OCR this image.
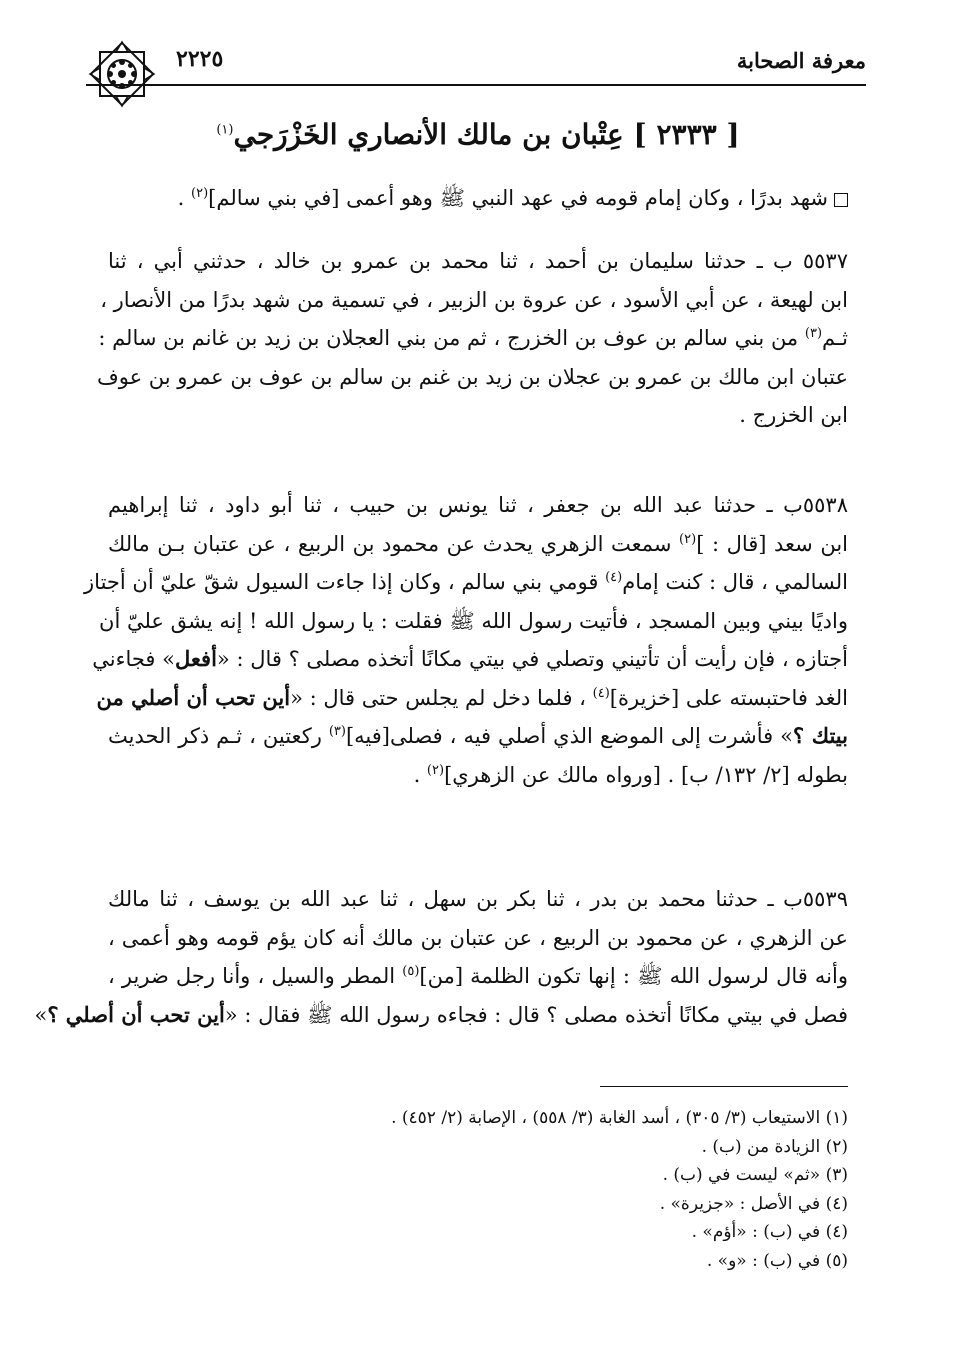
معرفة الصحابة
٢٢٢٥
[ ٢٣٣٣ ] عِتْبان بن مالك الأنصاري الخَزْرَجي$^{(١)}$
شهد بدرًا ، وكان إمام قومه في عهد النبي ﷺ وهو أعمى [في بني سالم]$^{(٢)}$ .
٥٥٣٧ ب ـ حدثنا سليمان بن أحمد ، ثنا محمد بن عمرو بن خالد ، حدثني أبي ، ثنا
ابن لهيعة ، عن أبي الأسود ، عن عروة بن الزبير ، في تسمية من شهد بدرًا من الأنصار ،
ثـم$^{(٣)}$ من بني سالم بن عوف بن الخزرج ، ثم من بني العجلان بن زيد بن غانم بن سالم :
عتبان ابن مالك بن عمرو بن عجلان بن زيد بن غنم بن سالم بن عوف بن عمرو بن عوف
ابن الخزرج .
٥٥٣٨ب ـ حدثنا عبد الله بن جعفر ، ثنا يونس بن حبيب ، ثنا أبو داود ، ثنا إبراهيم
ابن سعد [قال : ]$^{(٢)}$ سمعت الزهري يحدث عن محمود بن الربيع ، عن عتبان بـن مالك
السالمي ، قال : كنت إمام$^{(٤)}$ قومي بني سالم ، وكان إذا جاءت السيول شقّ عليّ أن أجتاز
واديًا بيني وبين المسجد ، فأتيت رسول الله ﷺ فقلت : يا رسول الله ! إنه يشق عليّ أن
أجتازه ، فإن رأيت أن تأتيني وتصلي في بيتي مكانًا أتخذه مصلى ؟ قال : «أفعل» فجاءني
الغد فاحتبسته على [خزيرة]$^{(٤)}$ ، فلما دخل لم يجلس حتى قال : «أين تحب أن أصلي من
بيتك ؟» فأشرت إلى الموضع الذي أصلي فيه ، فصلى[فيه]$^{(٣)}$ ركعتين ، ثـم ذكر الحديث
بطوله [٢/ ١٣٢/ ب] . [ورواه مالك عن الزهري]$^{(٢)}$ .
٥٥٣٩ب ـ حدثنا محمد بن بدر ، ثنا بكر بن سهل ، ثنا عبد الله بن يوسف ، ثنا مالك
عن الزهري ، عن محمود بن الربيع ، عن عتبان بن مالك أنه كان يؤم قومه وهو أعمى ،
وأنه قال لرسول الله ﷺ : إنها تكون الظلمة [من]$^{(٥)}$ المطر والسيل ، وأنا رجل ضرير ،
فصل في بيتي مكانًا أتخذه مصلى ؟ قال : فجاءه رسول الله ﷺ فقال : «أين تحب أن أصلي ؟»
(١) الاستيعاب (٣/ ٣٠٥) ، أسد الغابة (٣/ ٥٥٨) ، الإصابة (٢/ ٤٥٢) .
(٢) الزيادة من (ب) .
(٣) «ثم» ليست في (ب) .
(٤) في الأصل : «جزيرة» .
(٤) في (ب) : «أؤم» .
(٥) في (ب) : «و» .
